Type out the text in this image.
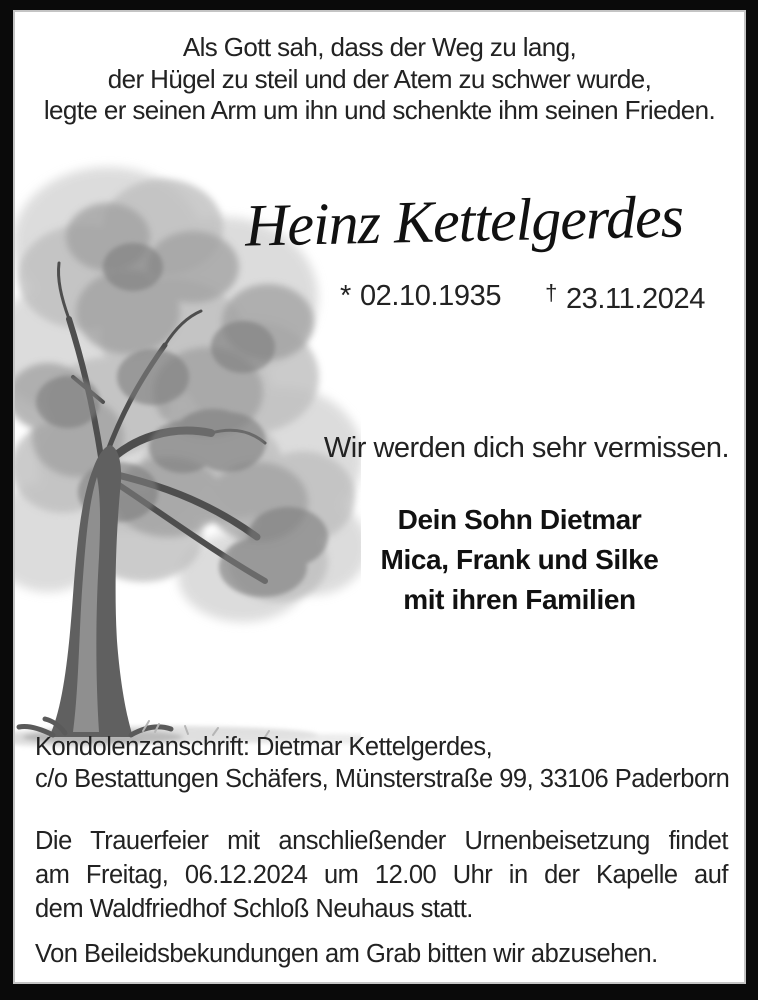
Als Gott sah, dass der Weg zu lang,
der Hügel zu steil und der Atem zu schwer wurde,
legte er seinen Arm um ihn und schenkte ihm seinen Frieden.
Heinz Kettelgerdes
* 02.10.1935 † 23.11.2024
Wir werden dich sehr vermissen.
Dein Sohn Dietmar
Mica, Frank und Silke
mit ihren Familien
Kondolenzanschrift: Dietmar Kettelgerdes,
c/o Bestattungen Schäfers, Münsterstraße 99, 33106 Paderborn
Die Trauerfeier mit anschließender Urnenbeisetzung findet
am Freitag, 06.12.2024 um 12.00 Uhr in der Kapelle auf
dem Waldfriedhof Schloß Neuhaus statt.
Von Beileidsbekundungen am Grab bitten wir abzusehen.
